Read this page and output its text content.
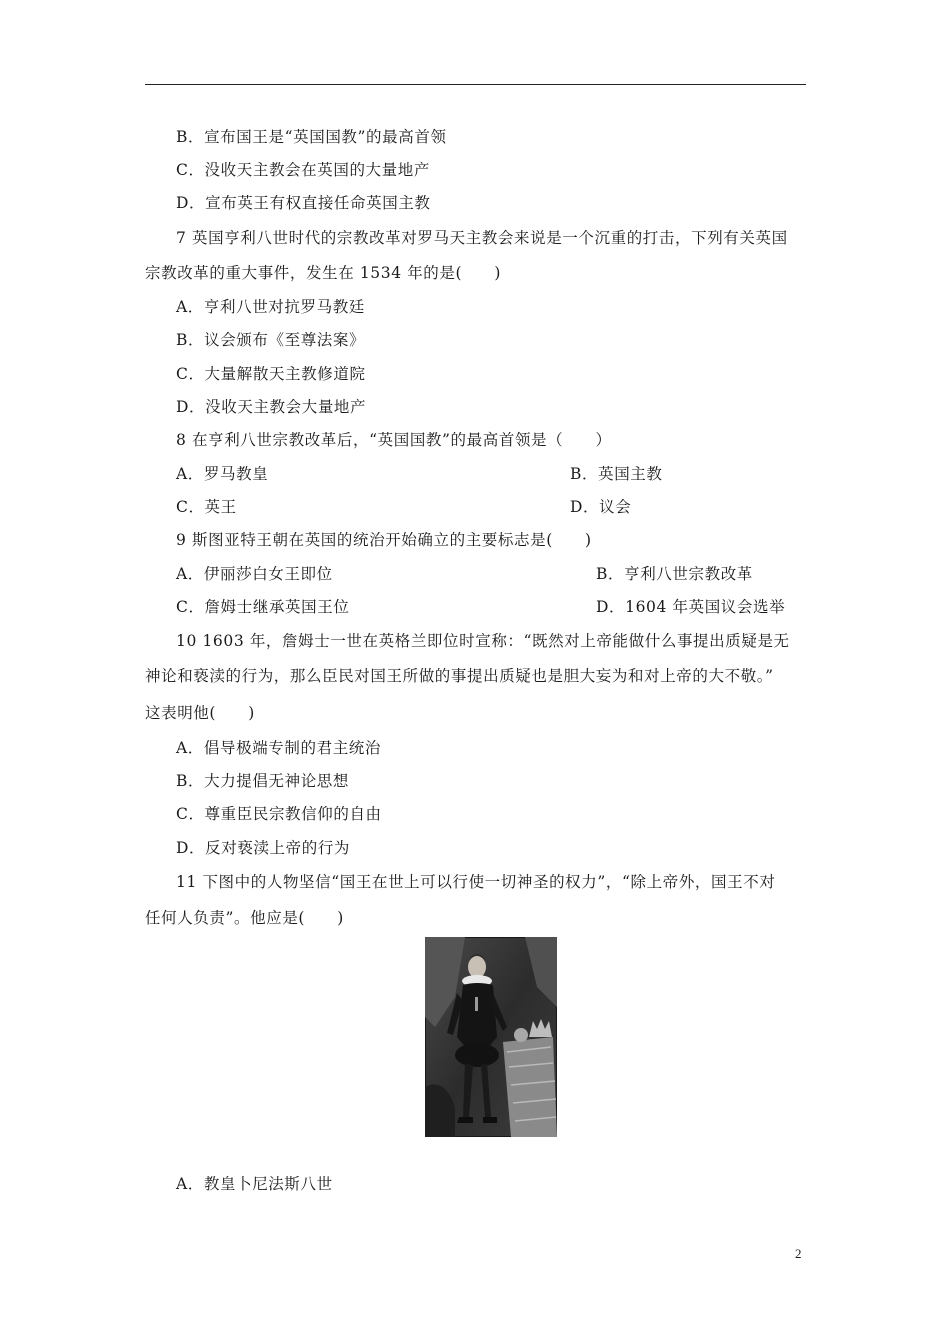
B．宣布国王是“英国国教”的最高首领
C．没收天主教会在英国的大量地产
D．宣布英王有权直接任命英国主教
7 英国亨利八世时代的宗教改革对罗马天主教会来说是一个沉重的打击，下列有关英国
宗教改革的重大事件，发生在 1534 年的是(　　)
A．亨利八世对抗罗马教廷
B．议会颁布《至尊法案》
C．大量解散天主教修道院
D．没收天主教会大量地产
8 在亨利八世宗教改革后，“英国国教”的最高首领是（　　）
A．罗马教皇	B．英国主教
C．英王	D．议会
9 斯图亚特王朝在英国的统治开始确立的主要标志是(　　)
A．伊丽莎白女王即位	B．亨利八世宗教改革
C．詹姆士继承英国王位	D．1604 年英国议会选举
10 1603 年，詹姆士一世在英格兰即位时宣称：“既然对上帝能做什么事提出质疑是无
神论和亵渎的行为，那么臣民对国王所做的事提出质疑也是胆大妄为和对上帝的大不敬。”
这表明他(　　)
A．倡导极端专制的君主统治
B．大力提倡无神论思想
C．尊重臣民宗教信仰的自由
D．反对亵渎上帝的行为
11 下图中的人物坚信“国王在世上可以行使一切神圣的权力”，“除上帝外，国王不对
任何人负责”。他应是(　　)
A．教皇卜尼法斯八世
2
